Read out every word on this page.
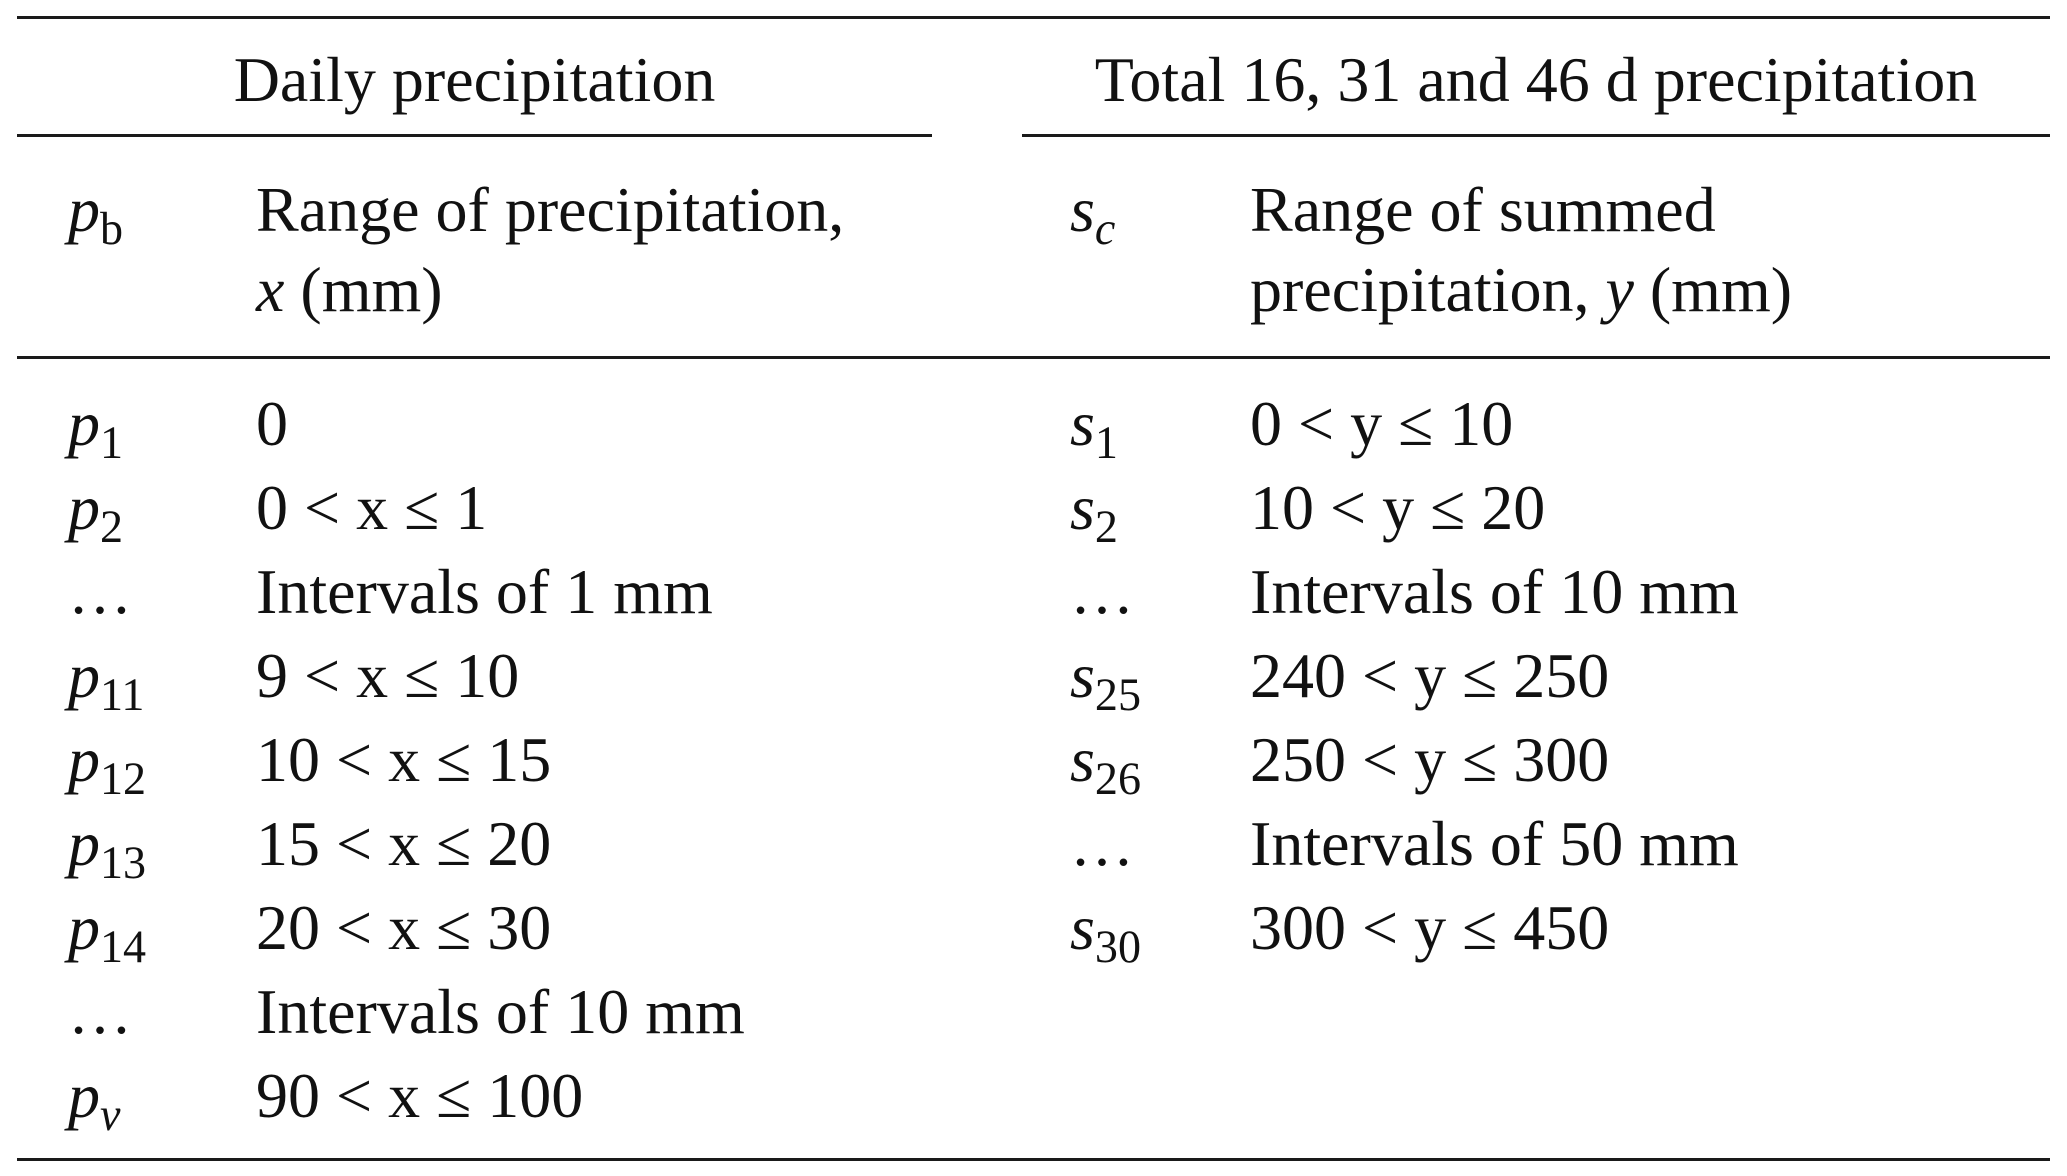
Daily precipitation	Total 16, 31 and 46 d precipitation
$p_b$ Range of precipitation,
x (mm)
$s_c$ Range of summed
precipitation, y (mm)
$p_1$ 0
$p_2$ 0 < x ≤ 1
… Intervals of 1 mm
$p_{11}$ 9 < x ≤ 10
$p_{12}$ 10 < x ≤ 15
$p_{13}$ 15 < x ≤ 20
$p_{14}$ 20 < x ≤ 30
… Intervals of 10 mm
$p_v$ 90 < x ≤ 100
$s_1$ 0 < y ≤ 10
$s_2$ 10 < y ≤ 20
… Intervals of 10 mm
$s_{25}$ 240 < y ≤ 250
$s_{26}$ 250 < y ≤ 300
… Intervals of 50 mm
$s_{30}$ 300 < y ≤ 450
